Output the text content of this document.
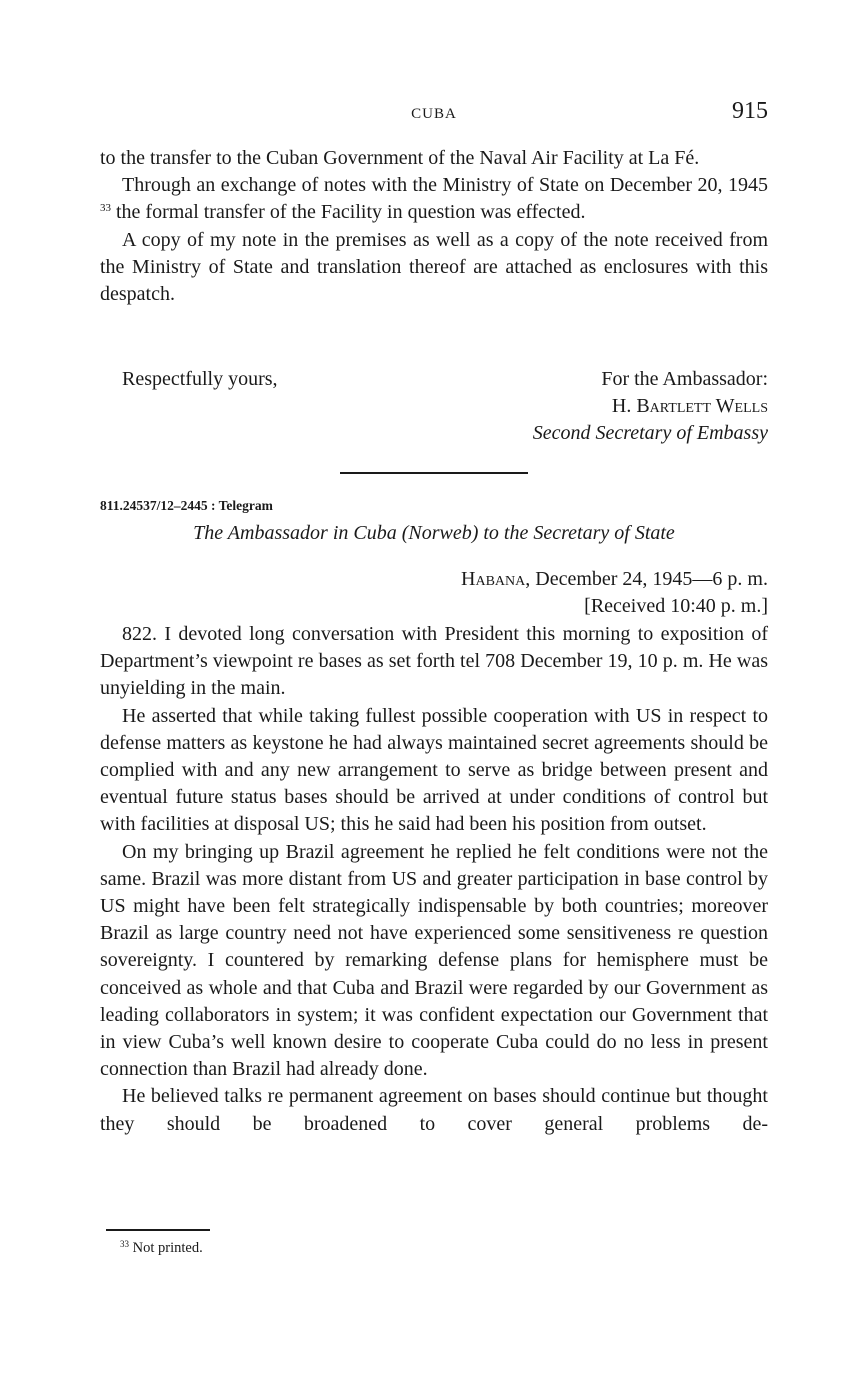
CUBA	915

to the transfer to the Cuban Government of the Naval Air Facility at La Fé.

Through an exchange of notes with the Ministry of State on December 20, 1945 $^{33}$ the formal transfer of the Facility in question was effected.

A copy of my note in the premises as well as a copy of the note received from the Ministry of State and translation thereof are attached as enclosures with this despatch.

Respectfully yours,	For the Ambassador:
H. Bartlett Wells
Second Secretary of Embassy
811.24537/12–2445 : Telegram
The Ambassador in Cuba (Norweb) to the Secretary of State
Habana, December 24, 1945—6 p. m.
[Received 10:40 p. m.]

822. I devoted long conversation with President this morning to exposition of Department’s viewpoint re bases as set forth tel 708 December 19, 10 p. m. He was unyielding in the main.

He asserted that while taking fullest possible cooperation with US in respect to defense matters as keystone he had always maintained secret agreements should be complied with and any new arrangement to serve as bridge between present and eventual future status bases should be arrived at under conditions of control but with facilities at disposal US; this he said had been his position from outset.

On my bringing up Brazil agreement he replied he felt conditions were not the same. Brazil was more distant from US and greater participation in base control by US might have been felt strategically indispensable by both countries; moreover Brazil as large country need not have experienced some sensitiveness re question sovereignty. I countered by remarking defense plans for hemisphere must be conceived as whole and that Cuba and Brazil were regarded by our Government as leading collaborators in system; it was confident expectation our Government that in view Cuba’s well known desire to cooperate Cuba could do no less in present connection than Brazil had already done.

He believed talks re permanent agreement on bases should continue but thought they should be broadened to cover general problems de-

$^{33}$ Not printed.
